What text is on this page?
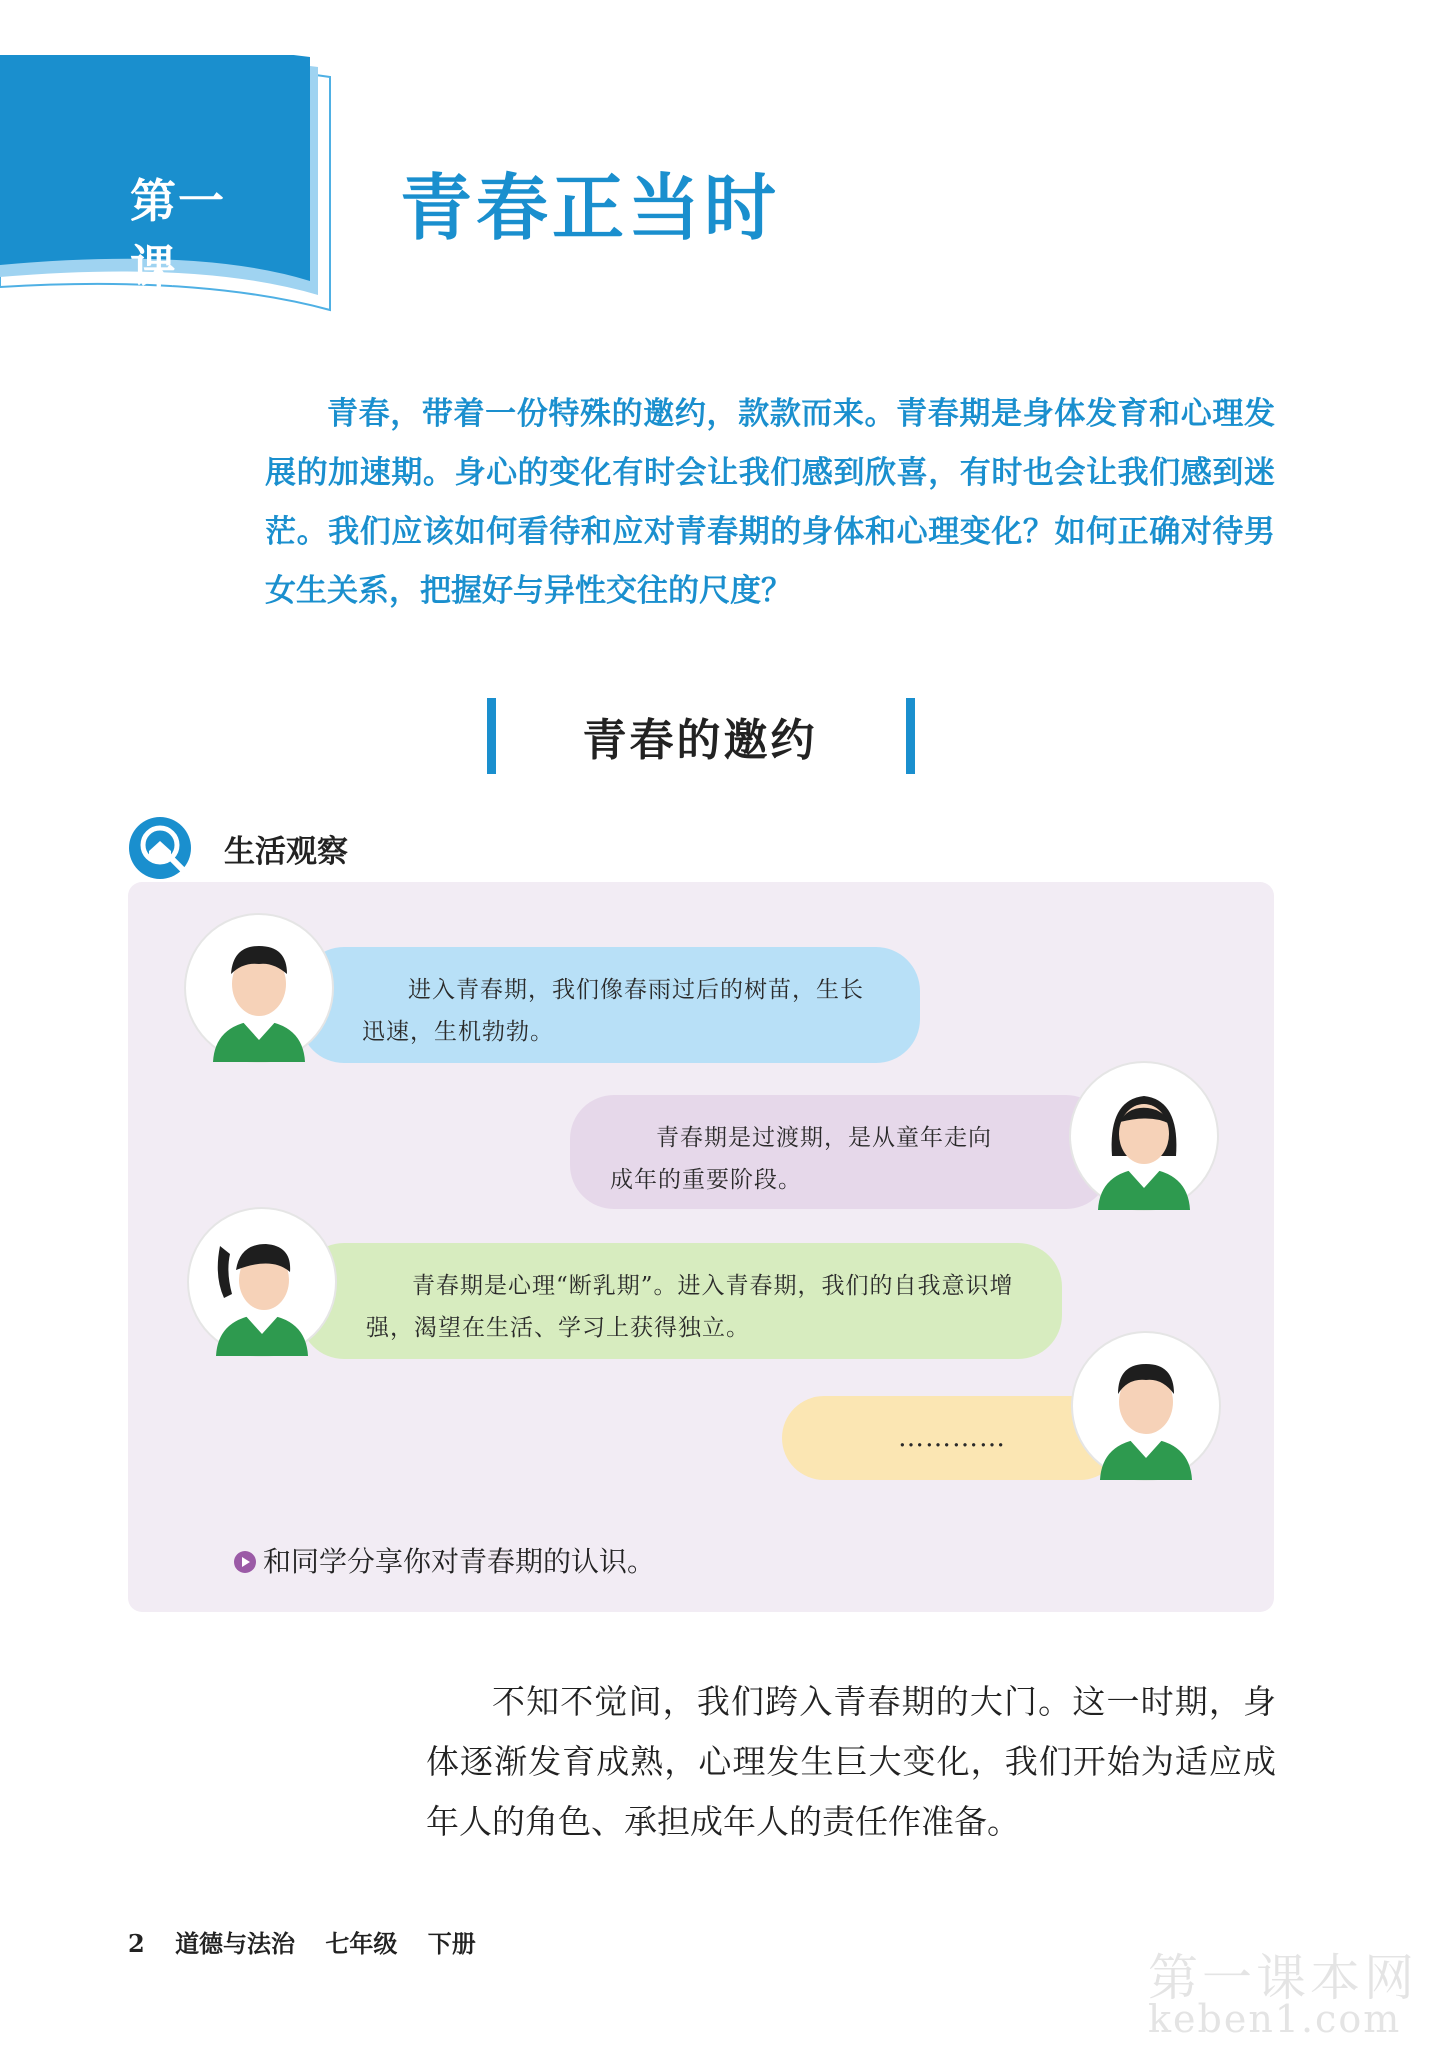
第一课
青春正当时
青春，带着一份特殊的邀约，款款而来。青春期是身体发育和心理发展的加速期。身心的变化有时会让我们感到欣喜，有时也会让我们感到迷茫。我们应该如何看待和应对青春期的身体和心理变化？如何正确对待男女生关系，把握好与异性交往的尺度？
青春的邀约
生活观察
进入青春期，我们像春雨过后的树苗，生长迅速，生机勃勃。
青春期是过渡期，是从童年走向成年的重要阶段。
青春期是心理“断乳期”。进入青春期，我们的自我意识增强，渴望在生活、学习上获得独立。
…………
和同学分享你对青春期的认识。
不知不觉间，我们跨入青春期的大门。这一时期，身体逐渐发育成熟，心理发生巨大变化，我们开始为适应成年人的角色、承担成年人的责任作准备。
2 道德与法治 七年级 下册
第一课本网
keben1.com
